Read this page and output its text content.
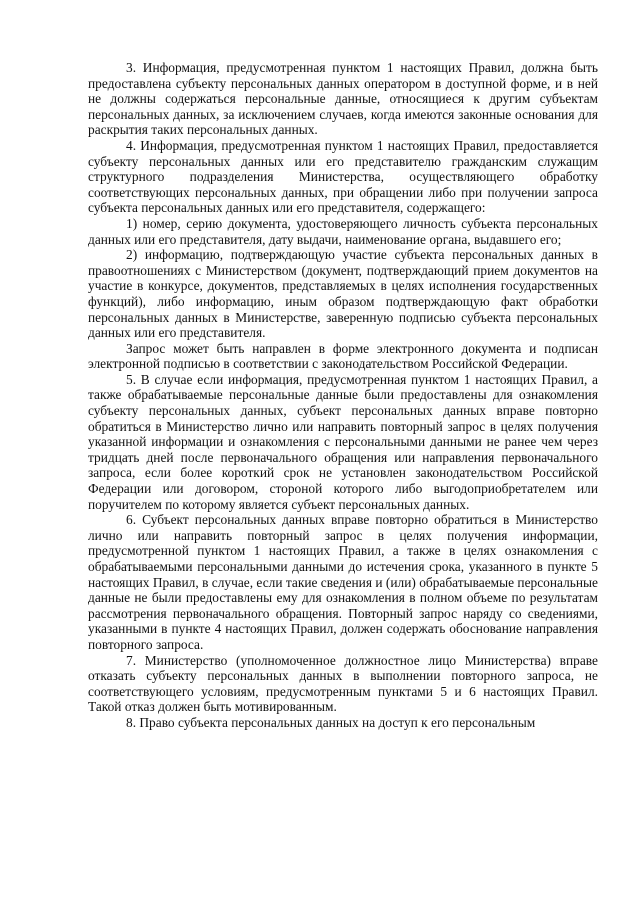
3. Информация, предусмотренная пунктом 1 настоящих Правил, должна быть предоставлена субъекту персональных данных оператором в доступной форме, и в ней не должны содержаться персональные данные, относящиеся к другим субъектам персональных данных, за исключением случаев, когда имеются законные основания для раскрытия таких персональных данных.

4. Информация, предусмотренная пунктом 1 настоящих Правил, предоставляется субъекту персональных данных или его представителю гражданским служащим структурного подразделения Министерства, осуществляющего обработку соответствующих персональных данных, при обращении либо при получении запроса субъекта персональных данных или его представителя, содержащего:

1) номер, серию документа, удостоверяющего личность субъекта персональных данных или его представителя, дату выдачи, наименование органа, выдавшего его;

2) информацию, подтверждающую участие субъекта персональных данных в правоотношениях с Министерством (документ, подтверждающий прием документов на участие в конкурсе, документов, представляемых в целях исполнения государственных функций), либо информацию, иным образом подтверждающую факт обработки персональных данных в Министерстве, заверенную подписью субъекта персональных данных или его представителя.

Запрос может быть направлен в форме электронного документа и подписан электронной подписью в соответствии с законодательством Российской Федерации.

5. В случае если информация, предусмотренная пунктом 1 настоящих Правил, а также обрабатываемые персональные данные были предоставлены для ознакомления субъекту персональных данных, субъект персональных данных вправе повторно обратиться в Министерство лично или направить повторный запрос в целях получения указанной информации и ознакомления с персональными данными не ранее чем через тридцать дней после первоначального обращения или направления первоначального запроса, если более короткий срок не установлен законодательством Российской Федерации или договором, стороной которого либо выгодоприобретателем или поручителем по которому является субъект персональных данных.

6. Субъект персональных данных вправе повторно обратиться в Министерство лично или направить повторный запрос в целях получения информации, предусмотренной пунктом 1 настоящих Правил, а также в целях ознакомления с обрабатываемыми персональными данными до истечения срока, указанного в пункте 5 настоящих Правил, в случае, если такие сведения и (или) обрабатываемые персональные данные не были предоставлены ему для ознакомления в полном объеме по результатам рассмотрения первоначального обращения. Повторный запрос наряду со сведениями, указанными в пункте 4 настоящих Правил, должен содержать обоснование направления повторного запроса.

7. Министерство (уполномоченное должностное лицо Министерства) вправе отказать субъекту персональных данных в выполнении повторного запроса, не соответствующего условиям, предусмотренным пунктами 5 и 6 настоящих Правил. Такой отказ должен быть мотивированным.

8. Право субъекта персональных данных на доступ к его персональным
